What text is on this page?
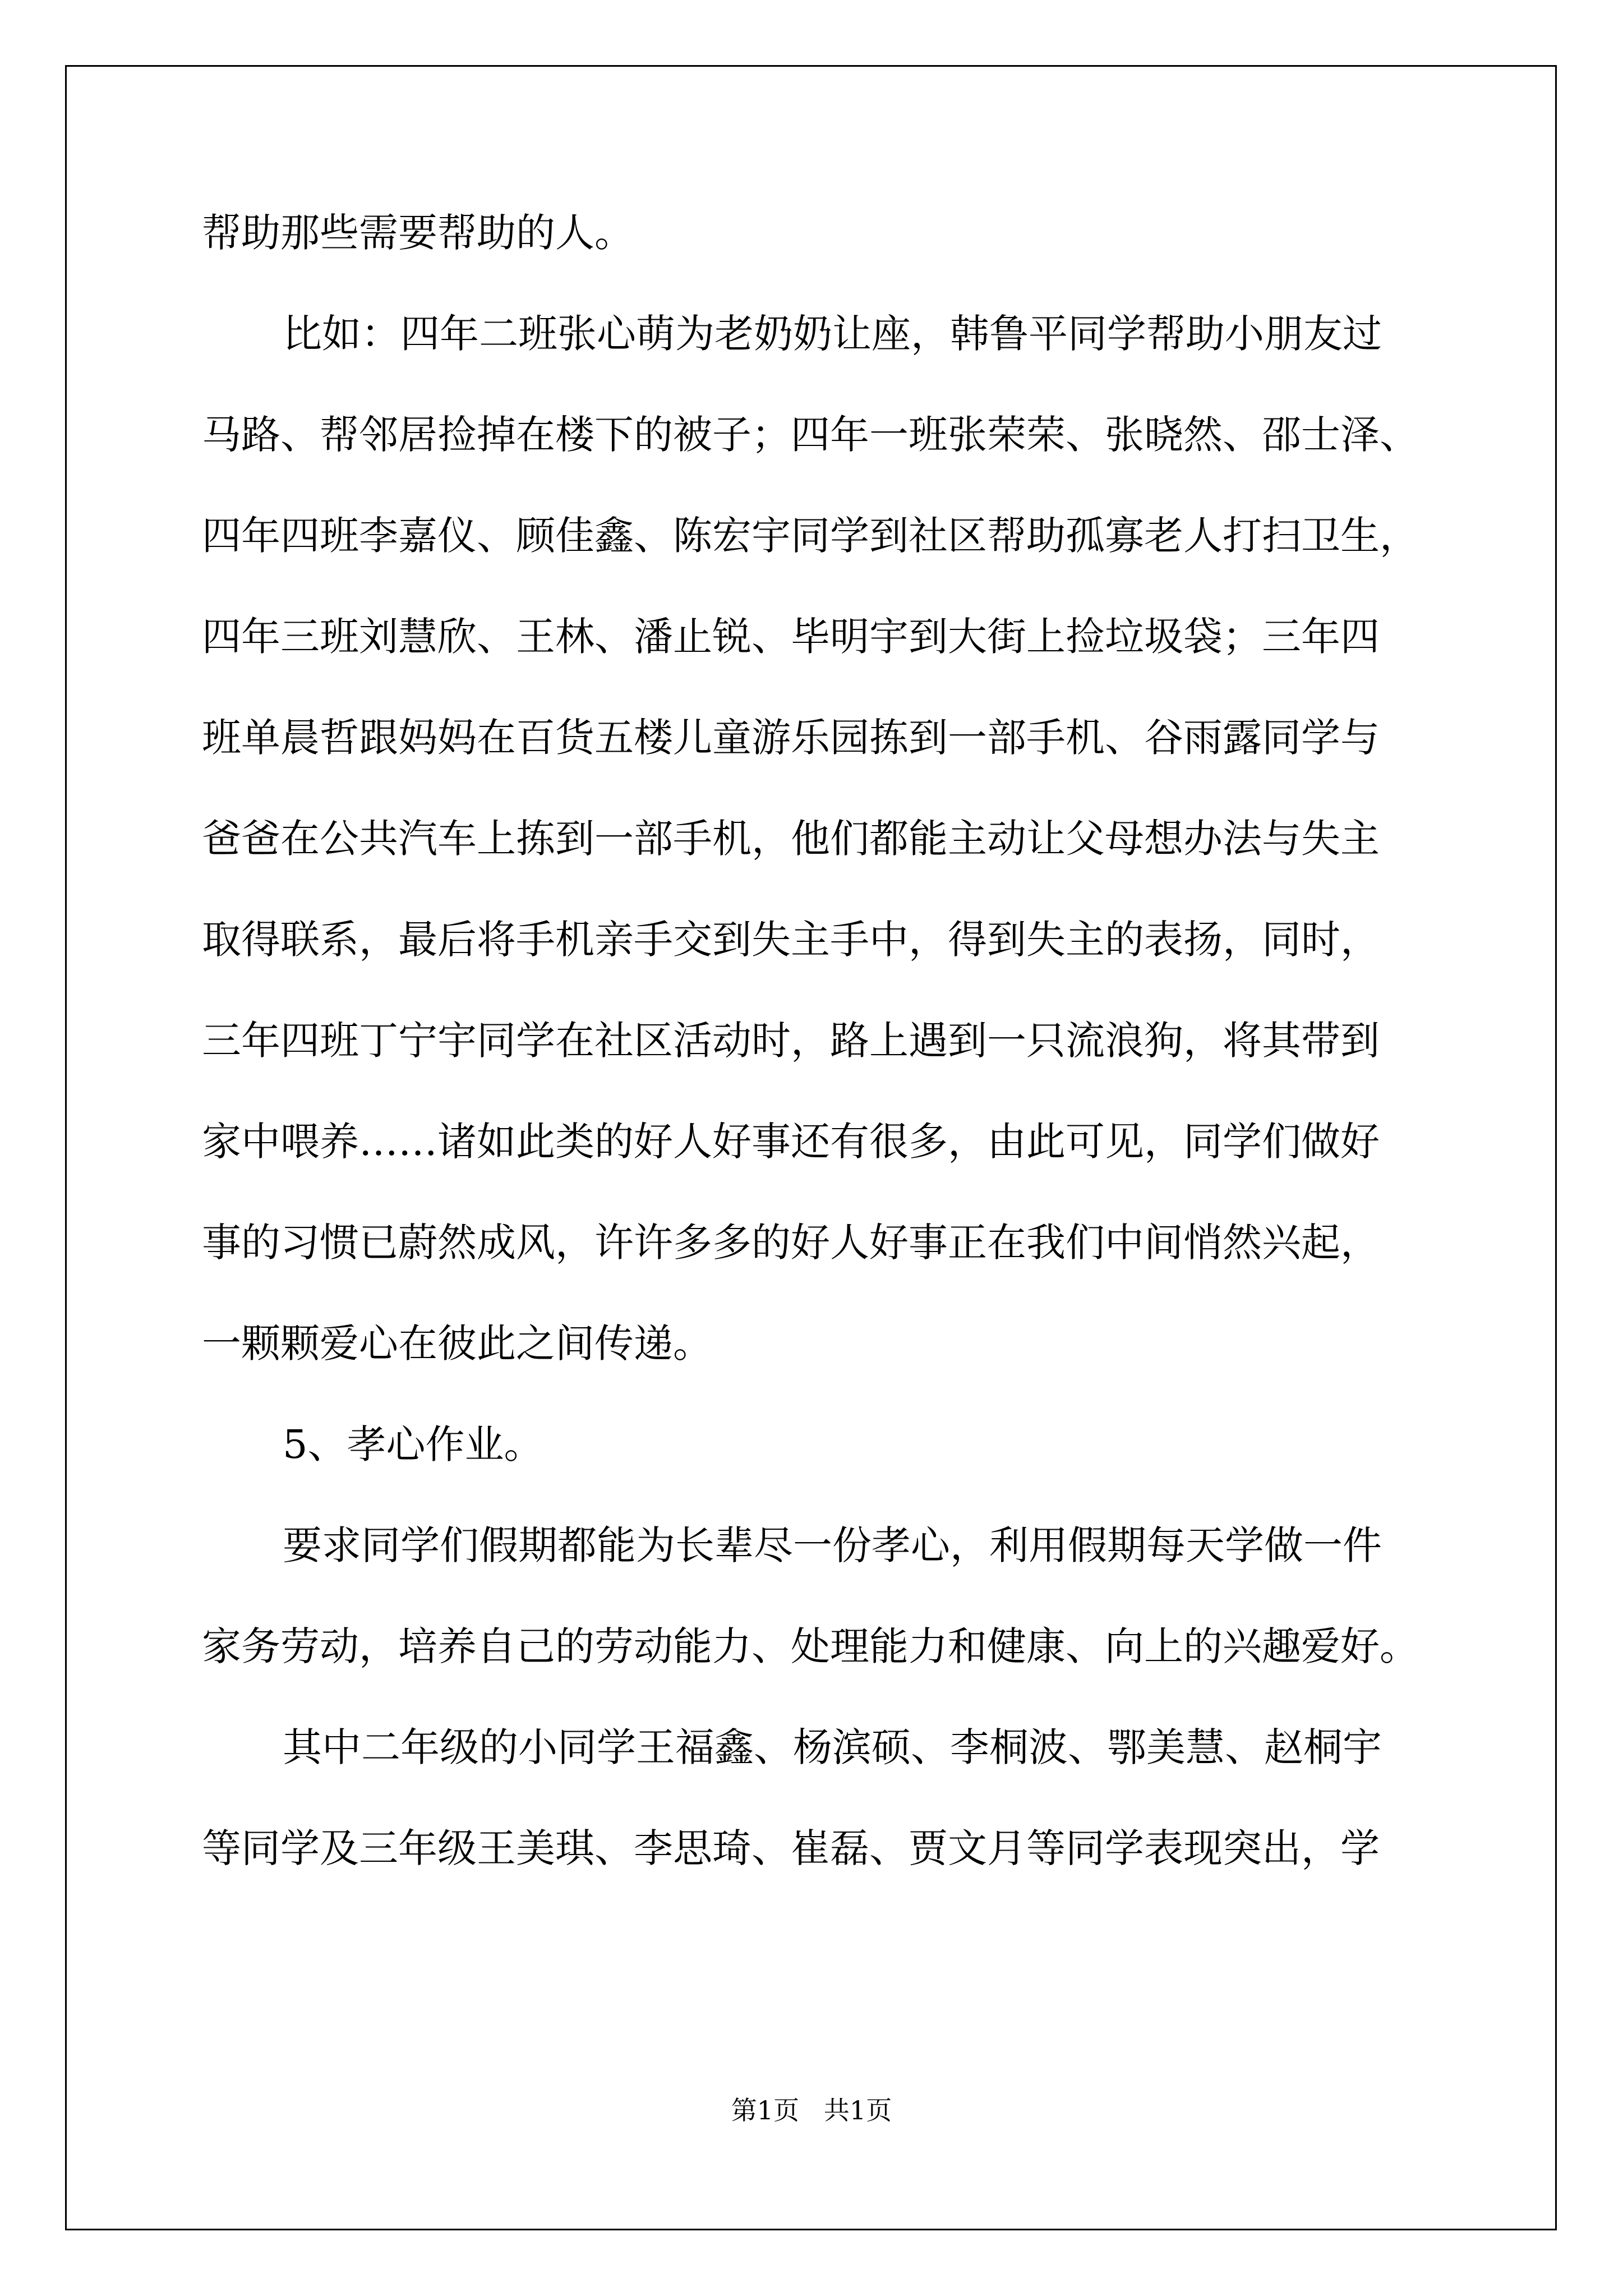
帮助那些需要帮助的人。

比如：四年二班张心萌为老奶奶让座，韩鲁平同学帮助小朋友过

马路、帮邻居捡掉在楼下的被子；四年一班张荣荣、张晓然、邵士泽、

四年四班李嘉仪、顾佳鑫、陈宏宇同学到社区帮助孤寡老人打扫卫生，

四年三班刘慧欣、王林、潘止锐、毕明宇到大街上捡垃圾袋；三年四

班单晨哲跟妈妈在百货五楼儿童游乐园拣到一部手机、谷雨露同学与

爸爸在公共汽车上拣到一部手机，他们都能主动让父母想办法与失主

取得联系，最后将手机亲手交到失主手中，得到失主的表扬，同时，

三年四班丁宁宇同学在社区活动时，路上遇到一只流浪狗，将其带到

家中喂养……诸如此类的好人好事还有很多，由此可见，同学们做好

事的习惯已蔚然成风，许许多多的好人好事正在我们中间悄然兴起，

一颗颗爱心在彼此之间传递。

5、孝心作业。

要求同学们假期都能为长辈尽一份孝心，利用假期每天学做一件

家务劳动，培养自己的劳动能力、处理能力和健康、向上的兴趣爱好。

其中二年级的小同学王福鑫、杨滨硕、李桐波、鄂美慧、赵桐宇

等同学及三年级王美琪、李思琦、崔磊、贾文月等同学表现突出，学

第1页   共1页
